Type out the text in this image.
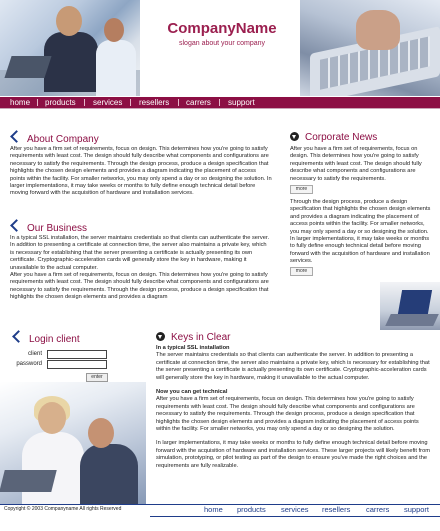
CompanyName
slogan about your company
home products services resellers carrers support
About Company

After you have a firm set of requirements, focus on design. This determines how you're going to satisfy requirements with least cost. The design should fully describe what components and configurations are necessary to satisfy the requirements. Through the design process, produce a design specification that highlights the chosen design elements and provides a diagram indicating the placement of access points within the facility. For smaller networks, you may only spend a day or so designing the solution. In larger implementations, it may take weeks or months to fully define enough technical detail before moving forward with the acquisition of hardware and installation services.

Our Business

In a typical SSL installation, the server maintains credentials so that clients can authenticate the server. In addition to presenting a certificate at connection time, the server also maintains a private key, which is necessary for establishing that the server presenting a certificate is actually presenting its own certificate. Cryptographic-acceleration cards will generally store the key in hardware, making it unavailable to the actual computer.

After you have a firm set of requirements, focus on design. This determines how you're going to satisfy requirements with least cost. The design should fully describe what components and configurations are necessary to satisfy the requirements. Through the design process, produce a design specification that highlights the chosen design elements and provides a diagram

Corporate News

After you have a firm set of requirements, focus on design. This determines how you're going to satisfy requirements with least cost. The design should fully describe what components and configurations are necessary to satisfy the requirements.

more

Through the design process, produce a design specification that highlights the chosen design elements and provides a diagram indicating the placement of access points within the facility. For smaller networks, you may only spend a day or so designing the solution. In larger implementations, it may take weeks or months to fully define enough technical detail before moving forward with the acquisition of hardware and installation services.

more
Login client
client
password
enter
Keys in Clear

In a typical SSL installation

The server maintains credentials so that clients can authenticate the server. In addition to presenting a certificate at connection time, the server also maintains a private key, which is necessary for establishing that the server presenting a certificate is actually presenting its own certificate. Cryptographic-acceleration cards will generally store the key in hardware, making it unavailable to the actual computer.

Now you can get technical

After you have a firm set of requirements, focus on design. This determines how you're going to satisfy requirements with least cost. The design should fully describe what components and configurations are necessary to satisfy the requirements. Through the design process, produce a design specification that highlights the chosen design elements and provides a diagram indicating the placement of access points within the facility. For smaller networks, you may only spend a day or so designing the solution.

In larger implementations, it may take weeks or months to fully define enough technical detail before moving forward with the acquisition of hardware and installation services. These larger projects will likely benefit from simulation, prototyping, or pilot testing as part of the design to ensure you've made the right choices and the requirements are fully realizable.

Copyright © 2003 Companyname All rights Reserved	home products services resellers carrers support
